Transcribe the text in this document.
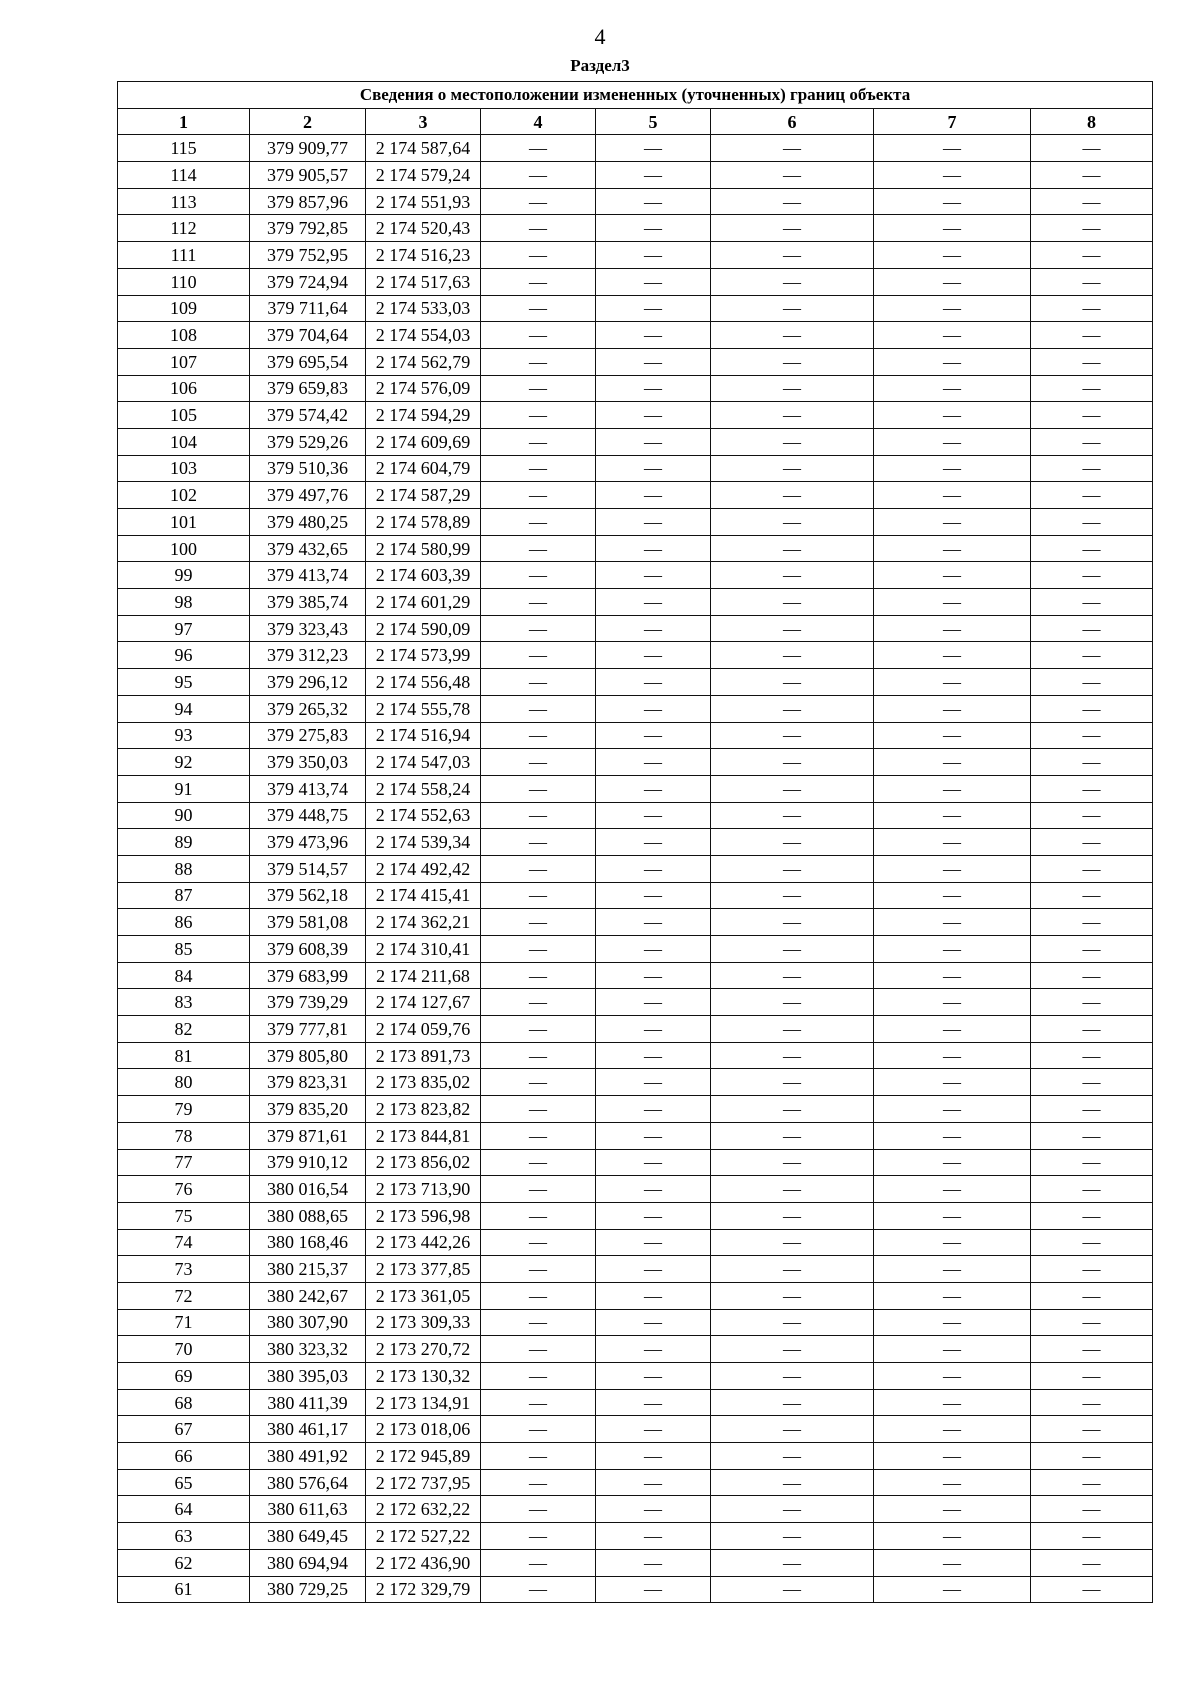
4
Раздел3
Сведения о местоположении измененных (уточненных) границ объекта							
1	2	3	4	5	6	7	8
115	379 909,77	2 174 587,64	—	—	—	—	—
114	379 905,57	2 174 579,24	—	—	—	—	—
113	379 857,96	2 174 551,93	—	—	—	—	—
112	379 792,85	2 174 520,43	—	—	—	—	—
111	379 752,95	2 174 516,23	—	—	—	—	—
110	379 724,94	2 174 517,63	—	—	—	—	—
109	379 711,64	2 174 533,03	—	—	—	—	—
108	379 704,64	2 174 554,03	—	—	—	—	—
107	379 695,54	2 174 562,79	—	—	—	—	—
106	379 659,83	2 174 576,09	—	—	—	—	—
105	379 574,42	2 174 594,29	—	—	—	—	—
104	379 529,26	2 174 609,69	—	—	—	—	—
103	379 510,36	2 174 604,79	—	—	—	—	—
102	379 497,76	2 174 587,29	—	—	—	—	—
101	379 480,25	2 174 578,89	—	—	—	—	—
100	379 432,65	2 174 580,99	—	—	—	—	—
99	379 413,74	2 174 603,39	—	—	—	—	—
98	379 385,74	2 174 601,29	—	—	—	—	—
97	379 323,43	2 174 590,09	—	—	—	—	—
96	379 312,23	2 174 573,99	—	—	—	—	—
95	379 296,12	2 174 556,48	—	—	—	—	—
94	379 265,32	2 174 555,78	—	—	—	—	—
93	379 275,83	2 174 516,94	—	—	—	—	—
92	379 350,03	2 174 547,03	—	—	—	—	—
91	379 413,74	2 174 558,24	—	—	—	—	—
90	379 448,75	2 174 552,63	—	—	—	—	—
89	379 473,96	2 174 539,34	—	—	—	—	—
88	379 514,57	2 174 492,42	—	—	—	—	—
87	379 562,18	2 174 415,41	—	—	—	—	—
86	379 581,08	2 174 362,21	—	—	—	—	—
85	379 608,39	2 174 310,41	—	—	—	—	—
84	379 683,99	2 174 211,68	—	—	—	—	—
83	379 739,29	2 174 127,67	—	—	—	—	—
82	379 777,81	2 174 059,76	—	—	—	—	—
81	379 805,80	2 173 891,73	—	—	—	—	—
80	379 823,31	2 173 835,02	—	—	—	—	—
79	379 835,20	2 173 823,82	—	—	—	—	—
78	379 871,61	2 173 844,81	—	—	—	—	—
77	379 910,12	2 173 856,02	—	—	—	—	—
76	380 016,54	2 173 713,90	—	—	—	—	—
75	380 088,65	2 173 596,98	—	—	—	—	—
74	380 168,46	2 173 442,26	—	—	—	—	—
73	380 215,37	2 173 377,85	—	—	—	—	—
72	380 242,67	2 173 361,05	—	—	—	—	—
71	380 307,90	2 173 309,33	—	—	—	—	—
70	380 323,32	2 173 270,72	—	—	—	—	—
69	380 395,03	2 173 130,32	—	—	—	—	—
68	380 411,39	2 173 134,91	—	—	—	—	—
67	380 461,17	2 173 018,06	—	—	—	—	—
66	380 491,92	2 172 945,89	—	—	—	—	—
65	380 576,64	2 172 737,95	—	—	—	—	—
64	380 611,63	2 172 632,22	—	—	—	—	—
63	380 649,45	2 172 527,22	—	—	—	—	—
62	380 694,94	2 172 436,90	—	—	—	—	—
61	380 729,25	2 172 329,79	—	—	—	—	—
